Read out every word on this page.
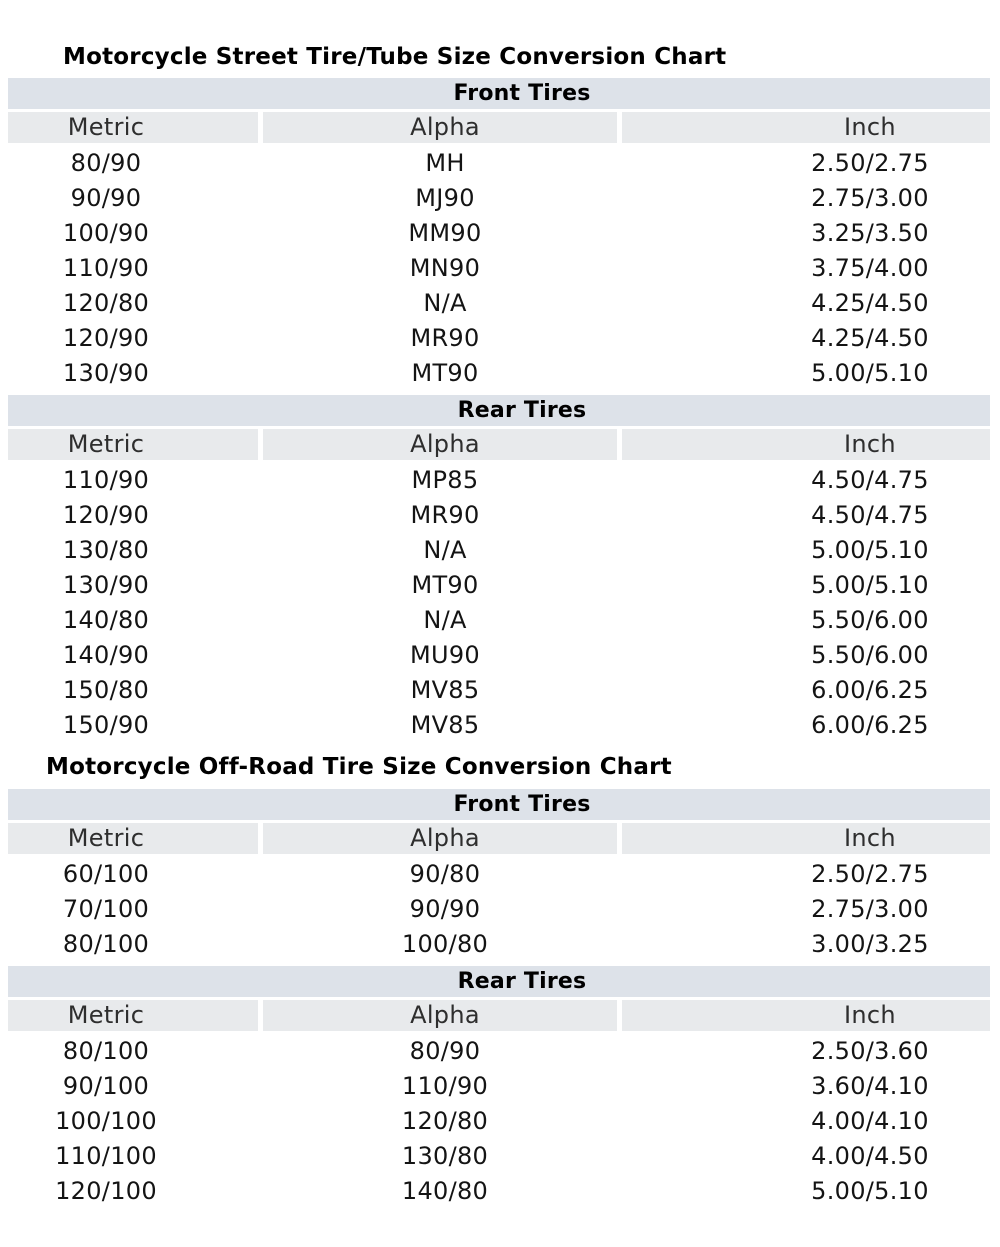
Motorcycle Street Tire/Tube Size Conversion Chart
Front Tires
Metric	Alpha	Inch
80/90	MH	2.50/2.75
90/90	MJ90	2.75/3.00
100/90	MM90	3.25/3.50
110/90	MN90	3.75/4.00
120/80	N/A	4.25/4.50
120/90	MR90	4.25/4.50
130/90	MT90	5.00/5.10
Rear Tires
Metric	Alpha	Inch
110/90	MP85	4.50/4.75
120/90	MR90	4.50/4.75
130/80	N/A	5.00/5.10
130/90	MT90	5.00/5.10
140/80	N/A	5.50/6.00
140/90	MU90	5.50/6.00
150/80	MV85	6.00/6.25
150/90	MV85	6.00/6.25
Motorcycle Off-Road Tire Size Conversion Chart
Front Tires
Metric	Alpha	Inch
60/100	90/80	2.50/2.75
70/100	90/90	2.75/3.00
80/100	100/80	3.00/3.25
Rear Tires
Metric	Alpha	Inch
80/100	80/90	2.50/3.60
90/100	110/90	3.60/4.10
100/100	120/80	4.00/4.10
110/100	130/80	4.00/4.50
120/100	140/80	5.00/5.10
